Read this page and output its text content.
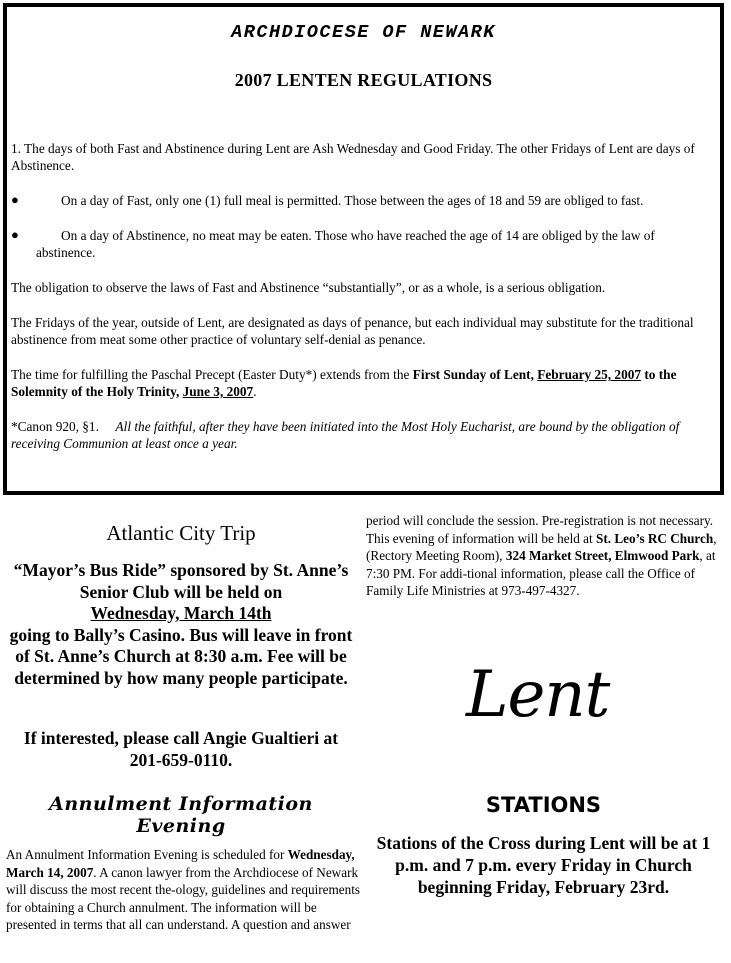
ARCHDIOCESE OF NEWARK
2007 LENTEN REGULATIONS

1. The days of both Fast and Abstinence during Lent are Ash Wednesday and Good Friday. The other Fridays of Lent are days of Abstinence.

●	On a day of Fast, only one (1) full meal is permitted. Those between the ages of 18 and 59 are obliged to fast.
●	On a day of Abstinence, no meat may be eaten. Those who have reached the age of 14 are obliged by the law of abstinence.

The obligation to observe the laws of Fast and Abstinence “substantially”, or as a whole, is a serious obligation.

The Fridays of the year, outside of Lent, are designated as days of penance, but each individual may substitute for the traditional abstinence from meat some other practice of voluntary self-denial as penance.

The time for fulfilling the Paschal Precept (Easter Duty*) extends from the First Sunday of Lent, February 25, 2007 to the Solemnity of the Holy Trinity, June 3, 2007.

*Canon 920, §1. All the faithful, after they have been initiated into the Most Holy Eucharist, are bound by the obligation of receiving Communion at least once a year.

Atlantic City Trip
“Mayor’s Bus Ride” sponsored by St. Anne’s Senior Club will be held on
Wednesday, March 14th
going to Bally’s Casino. Bus will leave in front of St. Anne’s Church at 8:30 a.m. Fee will be determined by how many people participate.
If interested, please call Angie Gualtieri at 201-659-0110.
Annulment Information Evening
An Annulment Information Evening is scheduled for Wednesday, March 14, 2007. A canon lawyer from the Archdiocese of Newark will discuss the most recent the-ology, guidelines and requirements for obtaining a Church annulment. The information will be presented in terms that all can understand. A question and answer
period will conclude the session. Pre-registration is not necessary. This evening of information will be held at St. Leo’s RC Church, (Rectory Meeting Room), 324 Market Street, Elmwood Park, at 7:30 PM. For addi-tional information, please call the Office of Family Life Ministries at 973-497-4327.
Lent
STATIONS
Stations of the Cross during Lent will be at 1 p.m. and 7 p.m. every Friday in Church beginning Friday, February 23rd.
